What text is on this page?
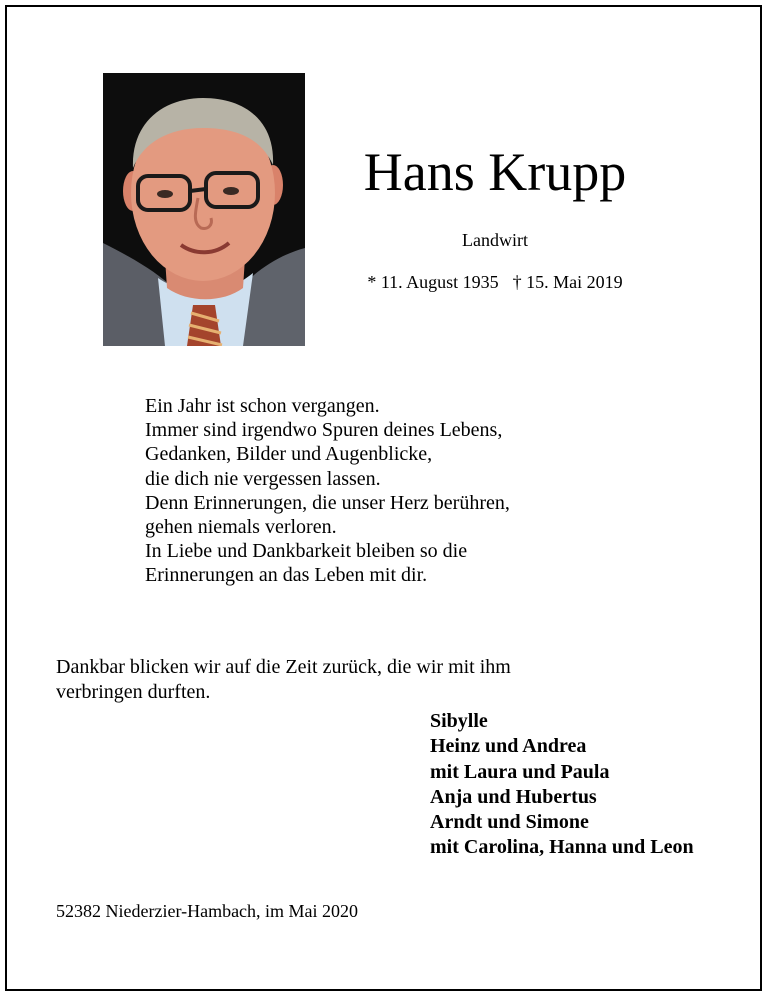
Hans Krupp
Landwirt
* 11. August 1935 † 15. Mai 2019
Ein Jahr ist schon vergangen.
Immer sind irgendwo Spuren deines Lebens,
Gedanken, Bilder und Augenblicke,
die dich nie vergessen lassen.
Denn Erinnerungen, die unser Herz berühren,
gehen niemals verloren.
In Liebe und Dankbarkeit bleiben so die
Erinnerungen an das Leben mit dir.
Dankbar blicken wir auf die Zeit zurück, die wir mit ihm
verbringen durften.
Sibylle
Heinz und Andrea
mit Laura und Paula
Anja und Hubertus
Arndt und Simone
mit Carolina, Hanna und Leon
52382 Niederzier-Hambach, im Mai 2020
